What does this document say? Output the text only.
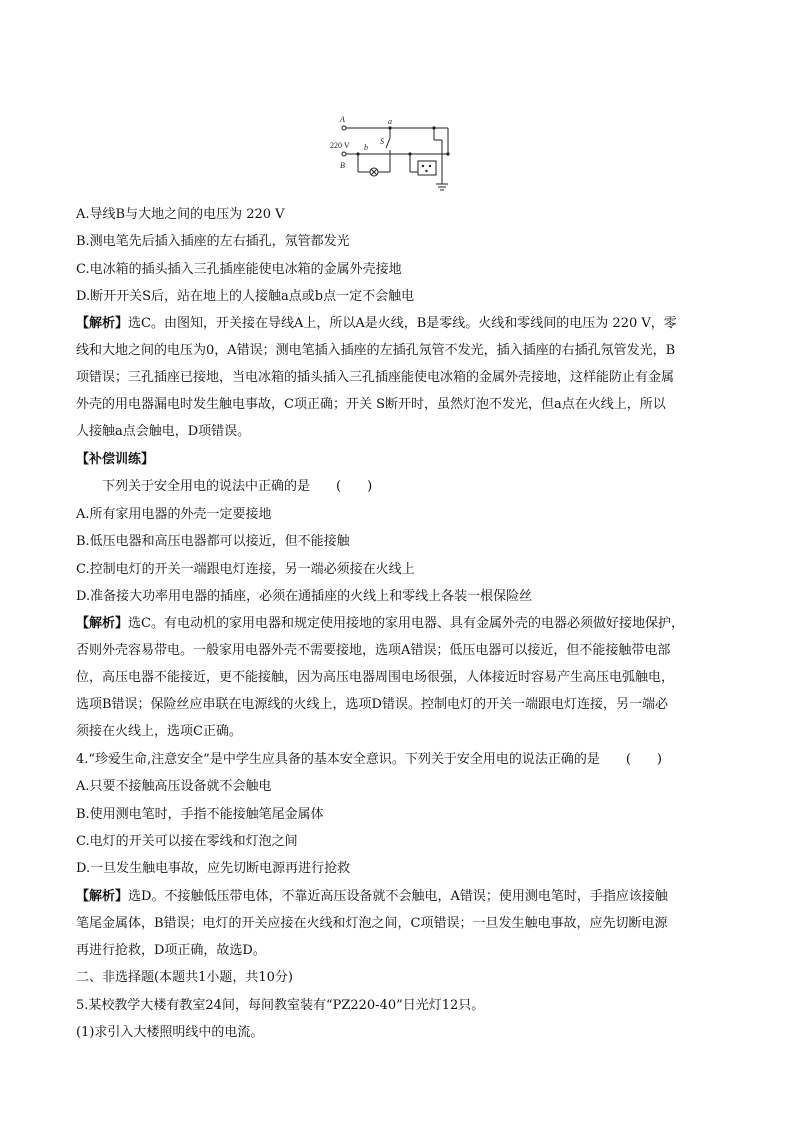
A
B
S
a
b
220 V
A.导线B与大地之间的电压为 220 V
B.测电笔先后插入插座的左右插孔，氖管都发光
C.电冰箱的插头插入三孔插座能使电冰箱的金属外壳接地
D.断开开关S后，站在地上的人接触a点或b点一定不会触电
【解析】选C。由图知，开关接在导线A上，所以A是火线，B是零线。火线和零线间的电压为 220 V，零
线和大地之间的电压为0，A错误；测电笔插入插座的左插孔氖管不发光，插入插座的右插孔氖管发光，B
项错误；三孔插座已接地，当电冰箱的插头插入三孔插座能使电冰箱的金属外壳接地，这样能防止有金属
外壳的用电器漏电时发生触电事故，C项正确；开关 S断开时，虽然灯泡不发光，但a点在火线上，所以
人接触a点会触电，D项错误。
【补偿训练】
下列关于安全用电的说法中正确的是　　(　　)
A.所有家用电器的外壳一定要接地
B.低压电器和高压电器都可以接近，但不能接触
C.控制电灯的开关一端跟电灯连接，另一端必须接在火线上
D.准备接大功率用电器的插座，必须在通插座的火线上和零线上各装一根保险丝
【解析】选C。有电动机的家用电器和规定使用接地的家用电器、具有金属外壳的电器必须做好接地保护，
否则外壳容易带电。一般家用电器外壳不需要接地，选项A错误；低压电器可以接近，但不能接触带电部
位，高压电器不能接近，更不能接触，因为高压电器周围电场很强，人体接近时容易产生高压电弧触电，
选项B错误；保险丝应串联在电源线的火线上，选项D错误。控制电灯的开关一端跟电灯连接，另一端必
须接在火线上，选项C正确。
4.“珍爱生命,注意安全”是中学生应具备的基本安全意识。下列关于安全用电的说法正确的是　　(　　)
A.只要不接触高压设备就不会触电
B.使用测电笔时，手指不能接触笔尾金属体
C.电灯的开关可以接在零线和灯泡之间
D.一旦发生触电事故，应先切断电源再进行抢救
【解析】选D。不接触低压带电体，不靠近高压设备就不会触电，A错误；使用测电笔时，手指应该接触
笔尾金属体，B错误；电灯的开关应接在火线和灯泡之间，C项错误；一旦发生触电事故，应先切断电源
再进行抢救，D项正确，故选D。
二、非选择题(本题共1小题，共10分)
5.某校教学大楼有教室24间，每间教室装有“PZ220-40”日光灯12只。
(1)求引入大楼照明线中的电流。
